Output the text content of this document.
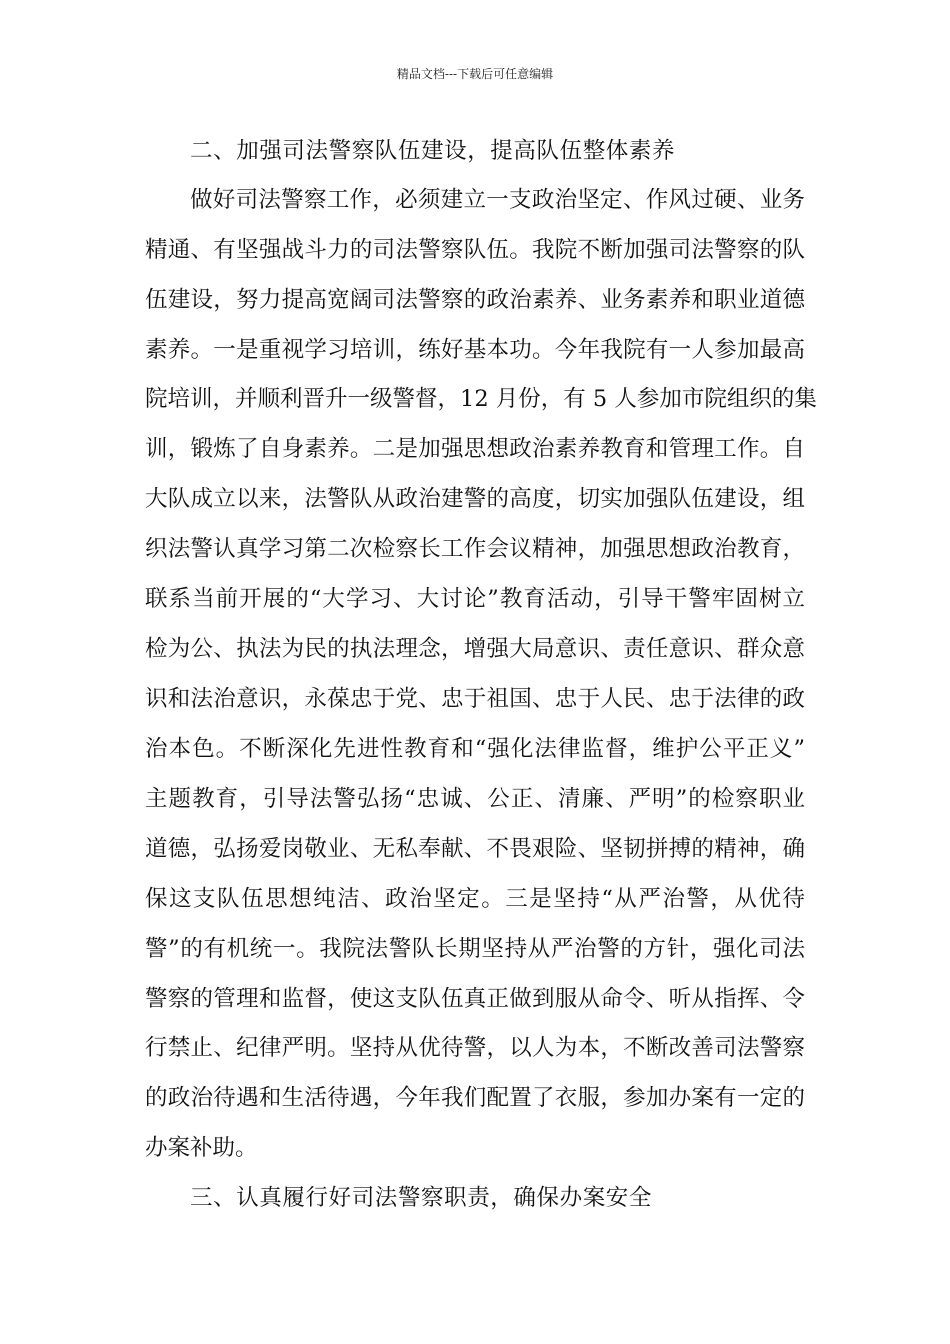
精品文档---下载后可任意编辑
二、加强司法警察队伍建设，提高队伍整体素养
做好司法警察工作，必须建立一支政治坚定、作风过硬、业务
精通、有坚强战斗力的司法警察队伍。我院不断加强司法警察的队
伍建设，努力提高宽阔司法警察的政治素养、业务素养和职业道德
素养。一是重视学习培训，练好基本功。今年我院有一人参加最高
院培训，并顺利晋升一级警督，12 月份，有 5 人参加市院组织的集
训，锻炼了自身素养。二是加强思想政治素养教育和管理工作。自
大队成立以来，法警队从政治建警的高度，切实加强队伍建设，组
织法警认真学习第二次检察长工作会议精神，加强思想政治教育，
联系当前开展的“大学习、大讨论”教育活动，引导干警牢固树立
检为公、执法为民的执法理念，增强大局意识、责任意识、群众意
识和法治意识，永葆忠于党、忠于祖国、忠于人民、忠于法律的政
治本色。不断深化先进性教育和“强化法律监督，维护公平正义”
主题教育，引导法警弘扬“忠诚、公正、清廉、严明”的检察职业
道德，弘扬爱岗敬业、无私奉献、不畏艰险、坚韧拼搏的精神，确
保这支队伍思想纯洁、政治坚定。三是坚持“从严治警，从优待
警”的有机统一。我院法警队长期坚持从严治警的方针，强化司法
警察的管理和监督，使这支队伍真正做到服从命令、听从指挥、令
行禁止、纪律严明。坚持从优待警，以人为本，不断改善司法警察
的政治待遇和生活待遇，今年我们配置了衣服，参加办案有一定的
办案补助。
三、认真履行好司法警察职责，确保办案安全
